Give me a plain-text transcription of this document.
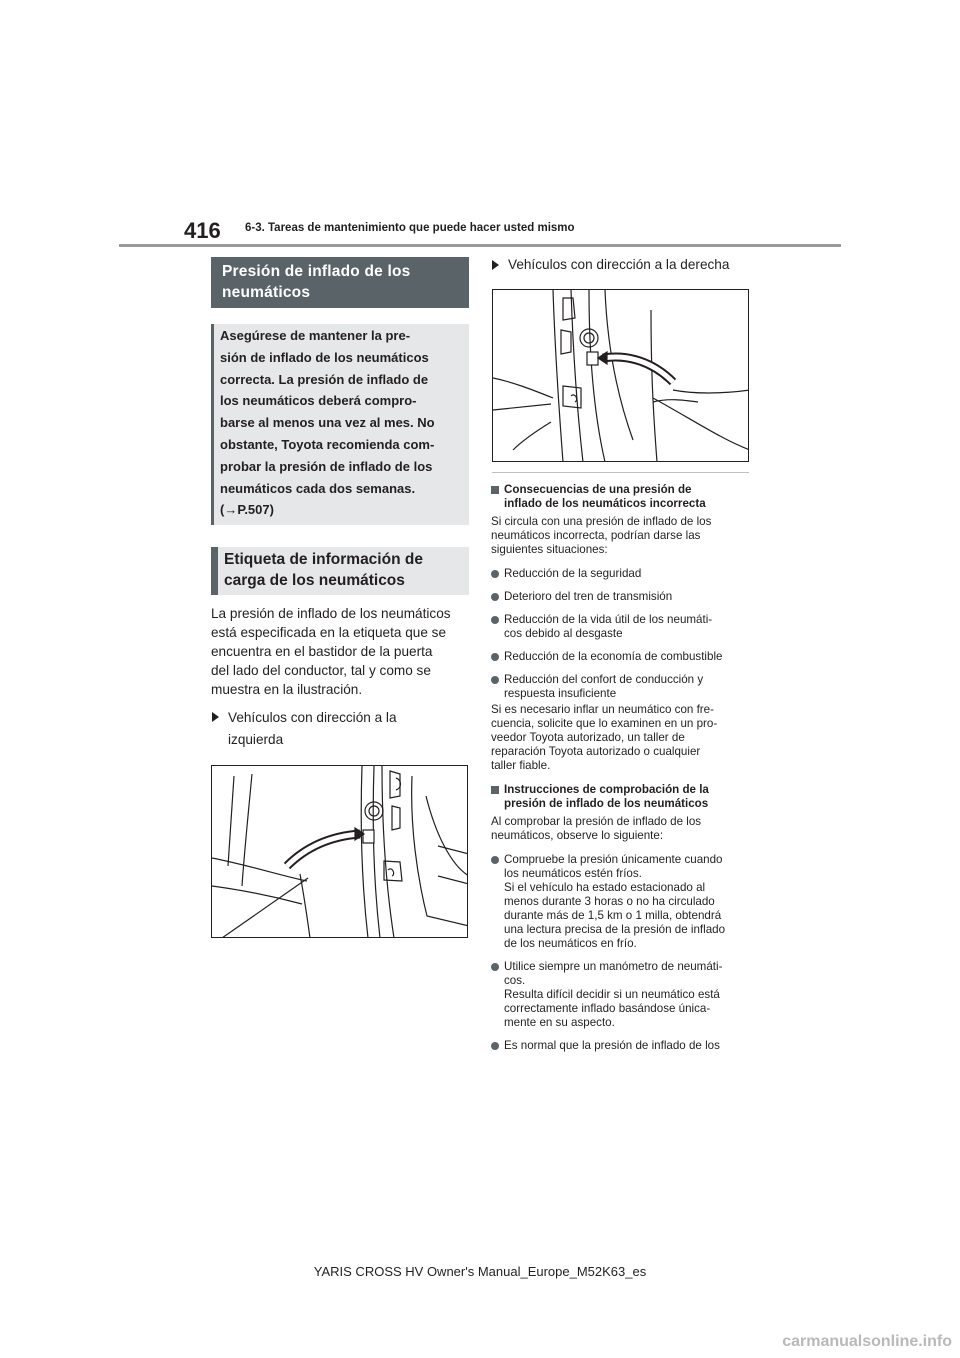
416 6-3. Tareas de mantenimiento que puede hacer usted mismo
Presión de inflado de los
neumáticos
Asegúrese de mantener la pre-
sión de inflado de los neumáticos
correcta. La presión de inflado de
los neumáticos deberá compro-
barse al menos una vez al mes. No
obstante, Toyota recomienda com-
probar la presión de inflado de los
neumáticos cada dos semanas.
(→P.507)
Etiqueta de información de
carga de los neumáticos
La presión de inflado de los neumáticos
está especificada en la etiqueta que se
encuentra en el bastidor de la puerta
del lado del conductor, tal y como se
muestra en la ilustración.
Vehículos con dirección a la
izquierda
Vehículos con dirección a la derecha
Consecuencias de una presión de
inflado de los neumáticos incorrecta
Si circula con una presión de inflado de los
neumáticos incorrecta, podrían darse las
siguientes situaciones:
Reducción de la seguridad
Deterioro del tren de transmisión
Reducción de la vida útil de los neumáti-
cos debido al desgaste
Reducción de la economía de combustible
Reducción del confort de conducción y
respuesta insuficiente
Si es necesario inflar un neumático con fre-
cuencia, solicite que lo examinen en un pro-
veedor Toyota autorizado, un taller de
reparación Toyota autorizado o cualquier
taller fiable.
Instrucciones de comprobación de la
presión de inflado de los neumáticos
Al comprobar la presión de inflado de los
neumáticos, observe lo siguiente:
Compruebe la presión únicamente cuando
los neumáticos estén fríos.
Si el vehículo ha estado estacionado al
menos durante 3 horas o no ha circulado
durante más de 1,5 km o 1 milla, obtendrá
una lectura precisa de la presión de inflado
de los neumáticos en frío.
Utilice siempre un manómetro de neumáti-
cos.
Resulta difícil decidir si un neumático está
correctamente inflado basándose única-
mente en su aspecto.
Es normal que la presión de inflado de los
YARIS CROSS HV Owner's Manual_Europe_M52K63_es
carmanualsonline.info
